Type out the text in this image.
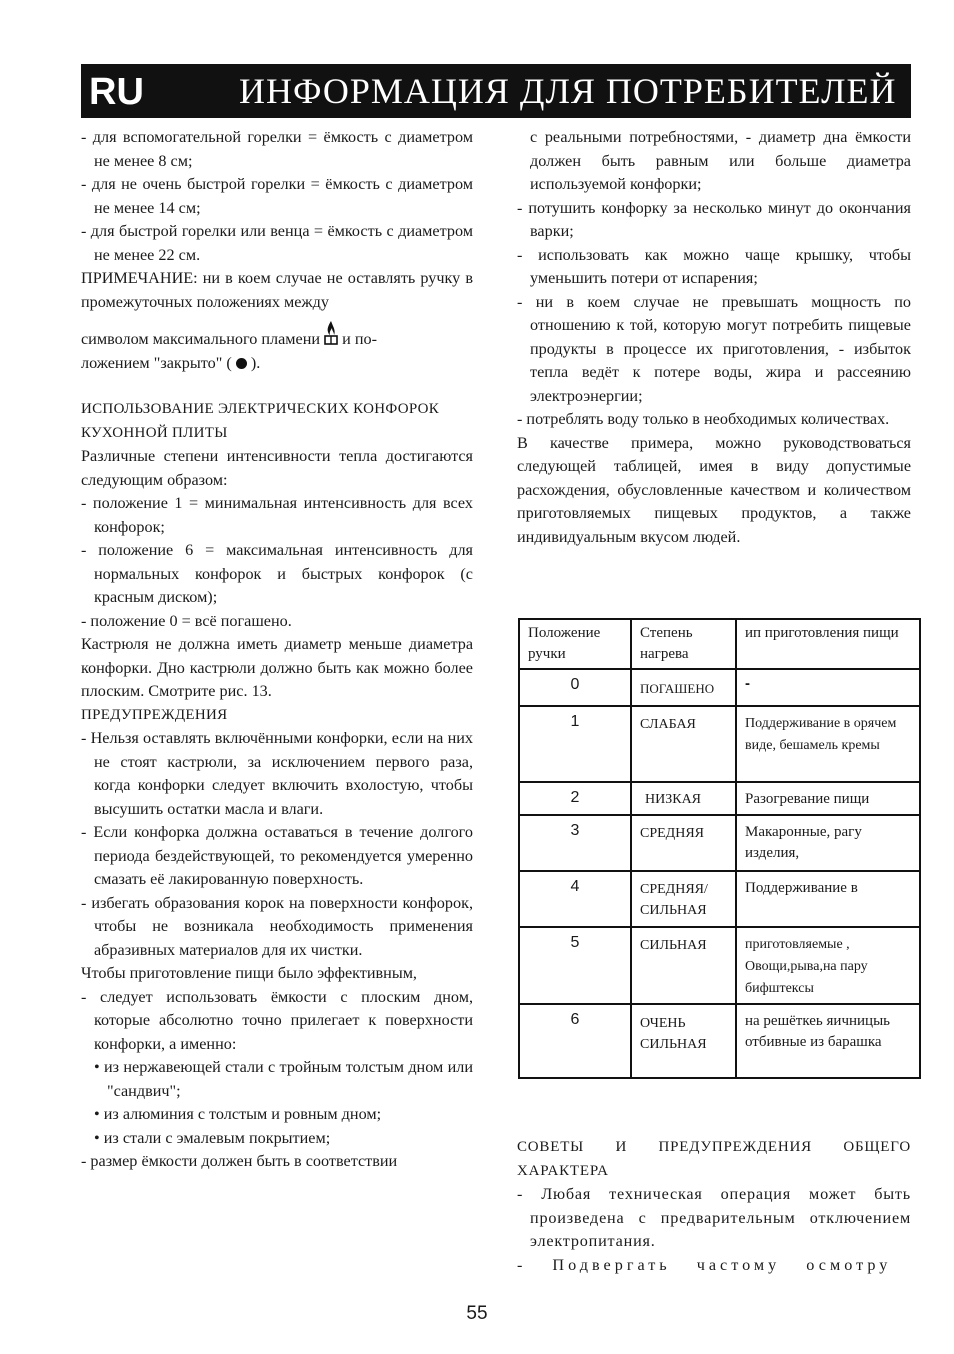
RU	ИНФОРМАЦИЯ ДЛЯ ПОТРЕБИТЕЛЕЙ

- для вспомогательной горелки = ёмкость с диаметром не менее 8 см;

- для не очень быстрой горелки = ёмкость с диаметром не менее 14 см;

- для быстрой горелки или венца = ёмкость с диаметром не менее 22 см.

ПРИМЕЧАНИЕ: ни в коем случае не оставлять ручку в промежуточных положениях между

символом максимального пламени и по-

ложением "закрыто" ( ).

ИСПОЛЬЗОВАНИЕ ЭЛЕКТРИЧЕСКИХ КОНФОРОК КУХОННОЙ ПЛИТЫ

Различные степени интенсивности тепла достигаются следующим образом:

- положение 1 = минимальная интенсивность для всех конфорок;

- положение 6 = максимальная интенсивность для нормальных конфорок и быстрых конфорок (с красным диском);

- положение 0 = всё погашено.

Кастрюля не должна иметь диаметр меньше диаметра конфорки. Дно кастрюли должно быть как можно более плоским. Смотрите рис. 13.

ПРЕДУПРЕЖДЕНИЯ

- Нельзя оставлять включёнными конфорки, если на них не стоят кастрюли, за исключением первого раза, когда конфорки следует включить вхолостую, чтобы высушить остатки масла и влаги.

- Если конфорка должна оставаться в течение долгого периода бездействующей, то рекомендуется умеренно смазать её лакированную поверхность.

- избегать образования корок на поверхности конфорок, чтобы не возникала необходимость применения абразивных материалов для их чистки.

Чтобы приготовление пищи было эффективным,

- следует использовать ёмкости с плоским дном, которые абсолютно точно прилегает к поверхности конфорки, а именно:

• из нержавеющей стали с тройным толстым дном или "сандвич";

• из алюминия с толстым и ровным дном;

• из стали с эмалевым покрытием;

- размер ёмкости должен быть в соответствии

с реальными потребностями, - диаметр дна ёмкости должен быть равным или больше диаметра используемой конфорки;

- потушить конфорку за несколько минут до окончания варки;

- использовать как можно чаще крышку, чтобы уменьшить потери от испарения;

- ни в коем случае не превышать мощность по отношению к той, которую могут потребить пищевые продукты в процессе их приготовления, - избыток тепла ведёт к потере воды, жира и рассеянию электроэнергии;

- потреблять воду только в необходимых количествах.

В качестве примера, можно руководствоваться следующей таблицей, имея в виду допустимые расхождения, обусловленные качеством и количеством приготовляемых пищевых продуктов, а также индивидуальным вкусом людей.

Положение ручки	Степень нагрева	ип приготовления пищи
0	ПОГАШЕНО	-
1	СЛАБАЯ	Поддерживание в орячем виде, бешамель кремы
2	НИЗКАЯ	Разогревание пищи
3	СРЕДНЯЯ	Макаронные, рагу изделия,
4	СРЕДНЯЯ/ СИЛЬНАЯ	Поддерживание в
5	СИЛЬНАЯ	приготовляемые , Овощи,рыва,на пару бифштексы
6	ОЧЕНЬ СИЛЬНАЯ	на решёткеь яичницыь отбивные из барашка

СОВЕТЫ И ПРЕДУПРЕЖДЕНИЯ ОБЩЕГО ХАРАКТЕРА

- Любая техническая операция может быть произведена с предварительным отключением электропитания.

- Подвергать частому осмотру

55
